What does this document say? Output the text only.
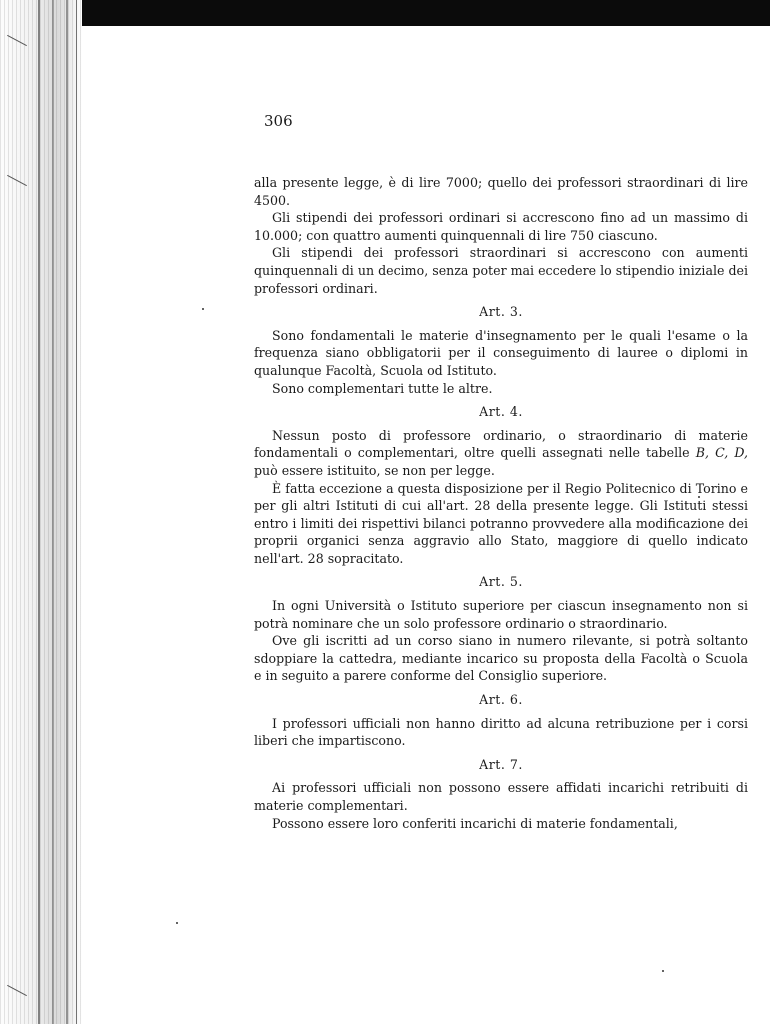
306

alla presente legge, è di lire 7000; quello dei professori straordinari di lire 4500.

Gli stipendi dei professori ordinari si accrescono fino ad un massimo di 10.000; con quattro aumenti quinquennali di lire 750 ciascuno.

Gli stipendi dei professori straordinari si accrescono con aumenti quinquennali di un decimo, senza poter mai eccedere lo stipendio iniziale dei professori ordinari.

Art. 3.

Sono fondamentali le materie d'insegnamento per le quali l'esame o la frequenza siano obbligatorii per il conseguimento di lauree o diplomi in qualunque Facoltà, Scuola od Istituto.

Sono complementari tutte le altre.

Art. 4.

Nessun posto di professore ordinario, o straordinario di materie fondamentali o complementari, oltre quelli assegnati nelle tabelle B, C, D, può essere istituito, se non per legge.

È fatta eccezione a questa disposizione per il Regio Politecnico di Torino e per gli altri Istituti di cui all'art. 28 della presente legge. Gli Istituti stessi entro i limiti dei rispettivi bilanci potranno provvedere alla modificazione dei proprii organici senza aggravio allo Stato, maggiore di quello indicato nell'art. 28 sopracitato.

Art. 5.

In ogni Università o Istituto superiore per ciascun insegnamento non si potrà nominare che un solo professore ordinario o straordinario.

Ove gli iscritti ad un corso siano in numero rilevante, si potrà soltanto sdoppiare la cattedra, mediante incarico su proposta della Facoltà o Scuola e in seguito a parere conforme del Consiglio superiore.

Art. 6.

I professori ufficiali non hanno diritto ad alcuna retribuzione per i corsi liberi che impartiscono.

Art. 7.

Ai professori ufficiali non possono essere affidati incarichi retribuiti di materie complementari.

Possono essere loro conferiti incarichi di materie fondamentali,
